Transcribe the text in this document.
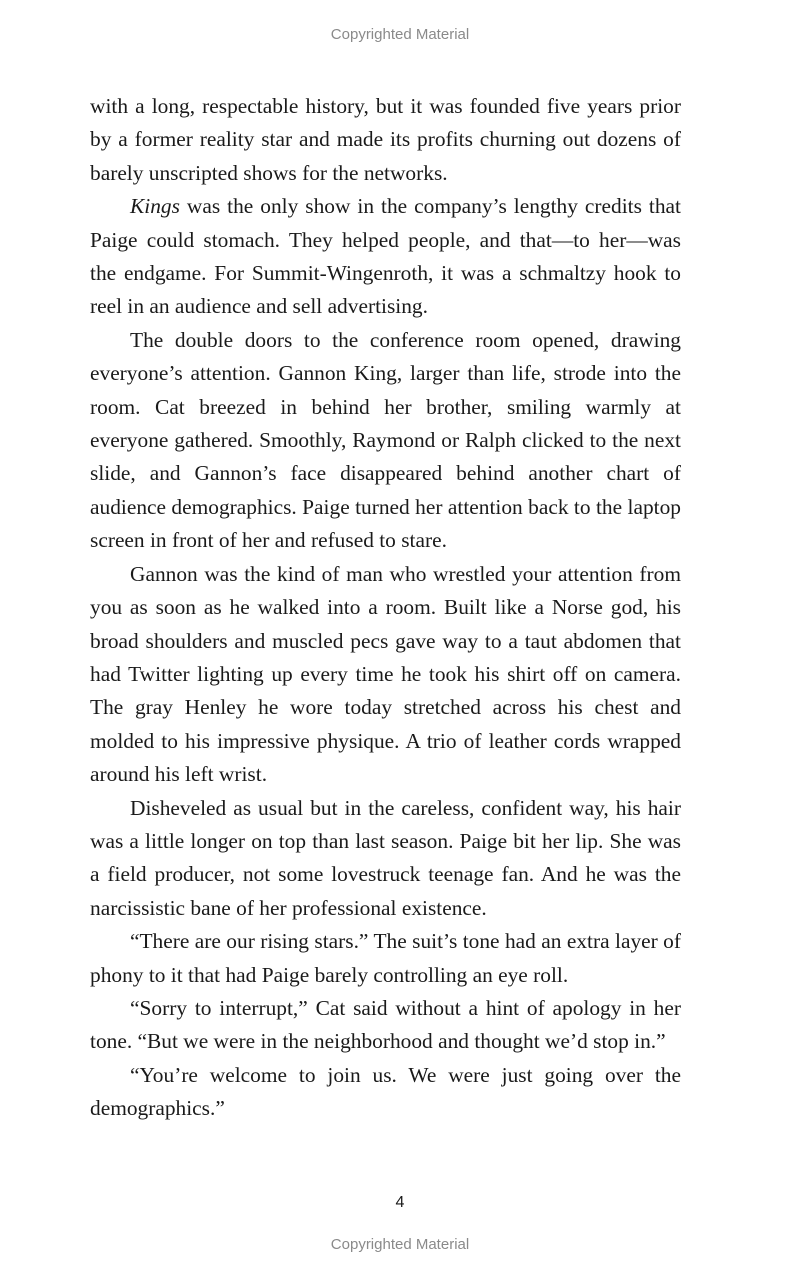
Copyrighted Material

with a long, respectable history, but it was founded five years prior by a former reality star and made its profits churning out dozens of barely unscripted shows for the networks.

Kings was the only show in the company’s lengthy credits that Paige could stomach. They helped people, and that—to her—was the endgame. For Summit-Wingenroth, it was a schmaltzy hook to reel in an audience and sell advertising.

The double doors to the conference room opened, drawing everyone’s attention. Gannon King, larger than life, strode into the room. Cat breezed in behind her brother, smiling warmly at everyone gathered. Smoothly, Raymond or Ralph clicked to the next slide, and Gannon’s face disappeared behind another chart of audience demographics. Paige turned her attention back to the laptop screen in front of her and refused to stare.

Gannon was the kind of man who wrestled your attention from you as soon as he walked into a room. Built like a Norse god, his broad shoulders and muscled pecs gave way to a taut abdomen that had Twitter lighting up every time he took his shirt off on camera. The gray Henley he wore today stretched across his chest and molded to his impressive physique. A trio of leather cords wrapped around his left wrist.

Disheveled as usual but in the careless, confident way, his hair was a little longer on top than last season. Paige bit her lip. She was a field producer, not some lovestruck teenage fan. And he was the narcissistic bane of her professional existence.

“There are our rising stars.” The suit’s tone had an extra layer of phony to it that had Paige barely controlling an eye roll.

“Sorry to interrupt,” Cat said without a hint of apology in her tone. “But we were in the neighborhood and thought we’d stop in.”

“You’re welcome to join us. We were just going over the demographics.”

4
Copyrighted Material
